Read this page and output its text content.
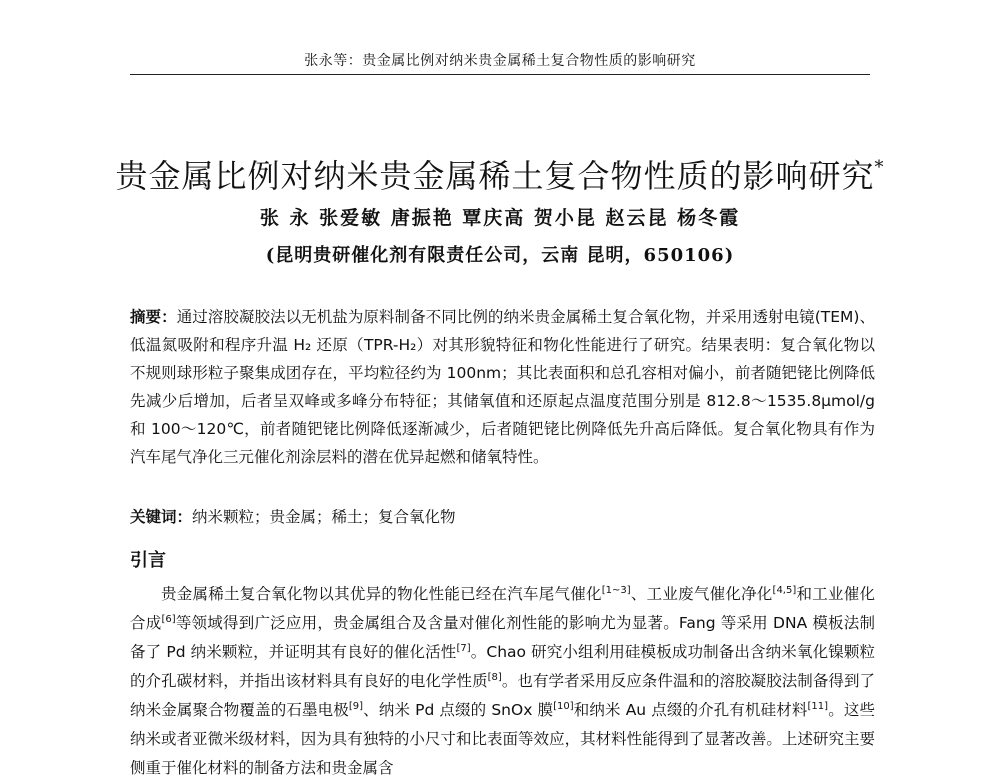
张永等：贵金属比例对纳米贵金属稀土复合物性质的影响研究
贵金属比例对纳米贵金属稀土复合物性质的影响研究*
张 永 张爱敏 唐振艳 覃庆高 贺小昆 赵云昆 杨冬霞
(昆明贵研催化剂有限责任公司，云南 昆明，650106)
摘要：通过溶胶凝胶法以无机盐为原料制备不同比例的纳米贵金属稀土复合氧化物，并采用透射电镜(TEM)、低温氮吸附和程序升温 H₂ 还原（TPR-H₂）对其形貌特征和物化性能进行了研究。结果表明：复合氧化物以不规则球形粒子聚集成团存在，平均粒径约为 100nm；其比表面积和总孔容相对偏小，前者随钯铑比例降低先减少后增加，后者呈双峰或多峰分布特征；其储氧值和还原起点温度范围分别是 812.8～1535.8μmol/g 和 100～120℃，前者随钯铑比例降低逐渐减少，后者随钯铑比例降低先升高后降低。复合氧化物具有作为汽车尾气净化三元催化剂涂层料的潜在优异起燃和储氧特性。
关键词：纳米颗粒；贵金属；稀土；复合氧化物
引言
贵金属稀土复合氧化物以其优异的物化性能已经在汽车尾气催化[1~3]、工业废气催化净化[4,5]和工业催化合成[6]等领域得到广泛应用，贵金属组合及含量对催化剂性能的影响尤为显著。Fang 等采用 DNA 模板法制备了 Pd 纳米颗粒，并证明其有良好的催化活性[7]。Chao 研究小组利用硅模板成功制备出含纳米氧化镍颗粒的介孔碳材料，并指出该材料具有良好的电化学性质[8]。也有学者采用反应条件温和的溶胶凝胶法制备得到了纳米金属聚合物覆盖的石墨电极[9]、纳米 Pd 点缀的 SnOx 膜[10]和纳米 Au 点缀的介孔有机硅材料[11]。这些纳米或者亚微米级材料，因为具有独特的小尺寸和比表面等效应，其材料性能得到了显著改善。上述研究主要侧重于催化材料的制备方法和贵金属含
